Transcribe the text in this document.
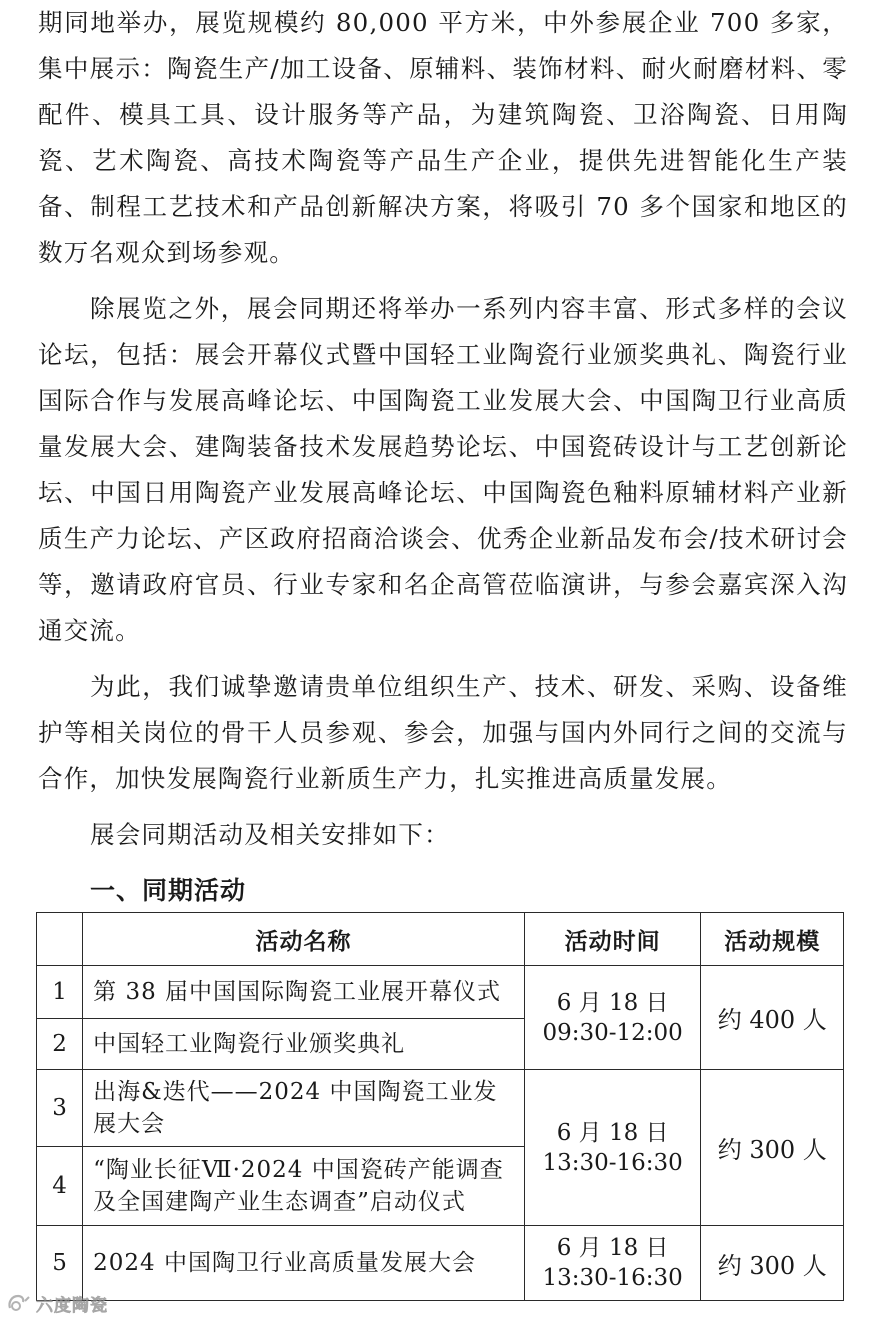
期同地举办，展览规模约 80,000 平方米，中外参展企业 700 多家，集中展示：陶瓷生产/加工设备、原辅料、装饰材料、耐火耐磨材料、零配件、模具工具、设计服务等产品，为建筑陶瓷、卫浴陶瓷、日用陶瓷、艺术陶瓷、高技术陶瓷等产品生产企业，提供先进智能化生产装备、制程工艺技术和产品创新解决方案，将吸引 70 多个国家和地区的数万名观众到场参观。

除展览之外，展会同期还将举办一系列内容丰富、形式多样的会议论坛，包括：展会开幕仪式暨中国轻工业陶瓷行业颁奖典礼、陶瓷行业国际合作与发展高峰论坛、中国陶瓷工业发展大会、中国陶卫行业高质量发展大会、建陶装备技术发展趋势论坛、中国瓷砖设计与工艺创新论坛、中国日用陶瓷产业发展高峰论坛、中国陶瓷色釉料原辅材料产业新质生产力论坛、产区政府招商洽谈会、优秀企业新品发布会/技术研讨会等，邀请政府官员、行业专家和名企高管莅临演讲，与参会嘉宾深入沟通交流。

为此，我们诚挚邀请贵单位组织生产、技术、研发、采购、设备维护等相关岗位的骨干人员参观、参会，加强与国内外同行之间的交流与合作，加快发展陶瓷行业新质生产力，扎实推进高质量发展。

展会同期活动及相关安排如下：

一、同期活动
	活动名称	活动时间	活动规模
1	第 38 届中国国际陶瓷工业展开幕仪式	6 月 18 日
09:30-12:00	约 400 人
2	中国轻工业陶瓷行业颁奖典礼		
3	出海&迭代——2024 中国陶瓷工业发展大会	6 月 18 日
13:30-16:30	约 300 人
4	“陶业长征Ⅶ·2024 中国瓷砖产能调查及全国建陶产业生态调查”启动仪式		
5	2024 中国陶卫行业高质量发展大会	6 月 18 日
13:30-16:30	约 300 人
六度陶瓷
